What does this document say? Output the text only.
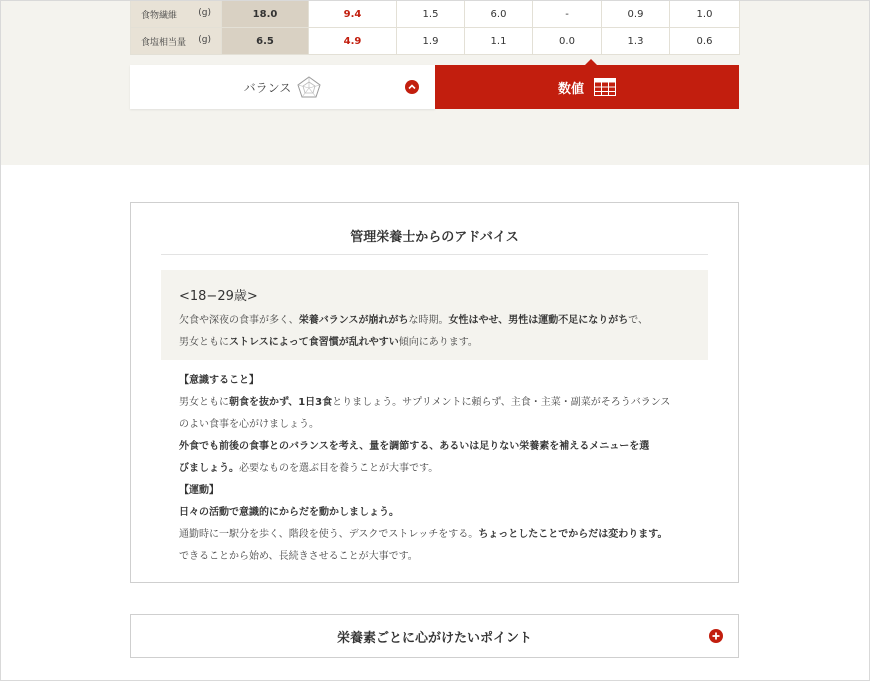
食物繊維 (g)	18.0	9.4	1.5	6.0	-	0.9	1.0
食塩相当量 (g)	6.5	4.9	1.9	1.1	0.0	1.3	0.6
バランス	数値
管理栄養士からのアドバイス
<18−29歳>
欠食や深夜の食事が多く、栄養バランスが崩れがちな時期。女性はやせ、男性は運動不足になりがちで、
男女ともにストレスによって食習慣が乱れやすい傾向にあります。
【意識すること】
男女ともに朝食を抜かず、1日3食とりましょう。サプリメントに頼らず、主食・主菜・副菜がそろうバランス
のよい食事を心がけましょう。
外食でも前後の食事とのバランスを考え、量を調節する、あるいは足りない栄養素を補えるメニューを選
びましょう。必要なものを選ぶ目を養うことが大事です。
【運動】
日々の活動で意識的にからだを動かしましょう。
通勤時に一駅分を歩く、階段を使う、デスクでストレッチをする。ちょっとしたことでからだは変わります。
できることから始め、長続きさせることが大事です。
栄養素ごとに心がけたいポイント
